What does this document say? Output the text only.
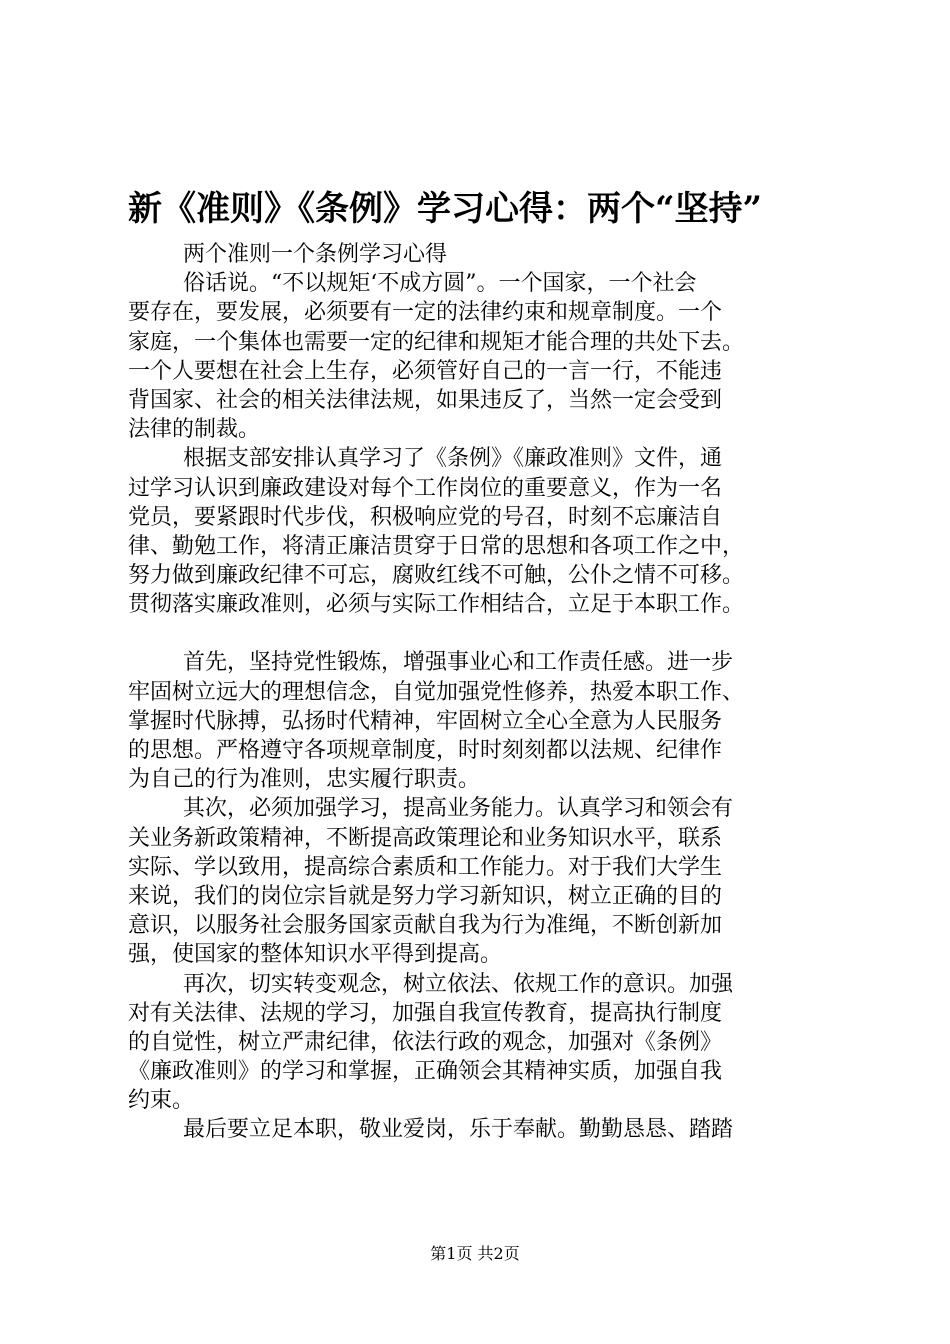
新《准则》《条例》学习心得：两个“坚持”
两个准则一个条例学习心得
俗话说。“不以规矩‘不成方圆”。一个国家，一个社会
要存在，要发展，必须要有一定的法律约束和规章制度。一个
家庭，一个集体也需要一定的纪律和规矩才能合理的共处下去。
一个人要想在社会上生存，必须管好自己的一言一行，不能违
背国家、社会的相关法律法规，如果违反了，当然一定会受到
法律的制裁。
根据支部安排认真学习了《条例》《廉政准则》文件，通
过学习认识到廉政建设对每个工作岗位的重要意义，作为一名
党员，要紧跟时代步伐，积极响应党的号召，时刻不忘廉洁自
律、勤勉工作，将清正廉洁贯穿于日常的思想和各项工作之中，
努力做到廉政纪律不可忘，腐败红线不可触，公仆之情不可移。
贯彻落实廉政准则，必须与实际工作相结合，立足于本职工作。
首先，坚持党性锻炼，增强事业心和工作责任感。进一步
牢固树立远大的理想信念，自觉加强党性修养，热爱本职工作、
掌握时代脉搏，弘扬时代精神，牢固树立全心全意为人民服务
的思想。严格遵守各项规章制度，时时刻刻都以法规、纪律作
为自己的行为准则，忠实履行职责。
其次，必须加强学习，提高业务能力。认真学习和领会有
关业务新政策精神，不断提高政策理论和业务知识水平，联系
实际、学以致用，提高综合素质和工作能力。对于我们大学生
来说，我们的岗位宗旨就是努力学习新知识，树立正确的目的
意识，以服务社会服务国家贡献自我为行为准绳，不断创新加
强，使国家的整体知识水平得到提高。
再次，切实转变观念，树立依法、依规工作的意识。加强
对有关法律、法规的学习，加强自我宣传教育，提高执行制度
的自觉性，树立严肃纪律，依法行政的观念，加强对《条例》
《廉政准则》的学习和掌握，正确领会其精神实质，加强自我
约束。
最后要立足本职，敬业爱岗，乐于奉献。勤勤恳恳、踏踏
第1页 共2页
